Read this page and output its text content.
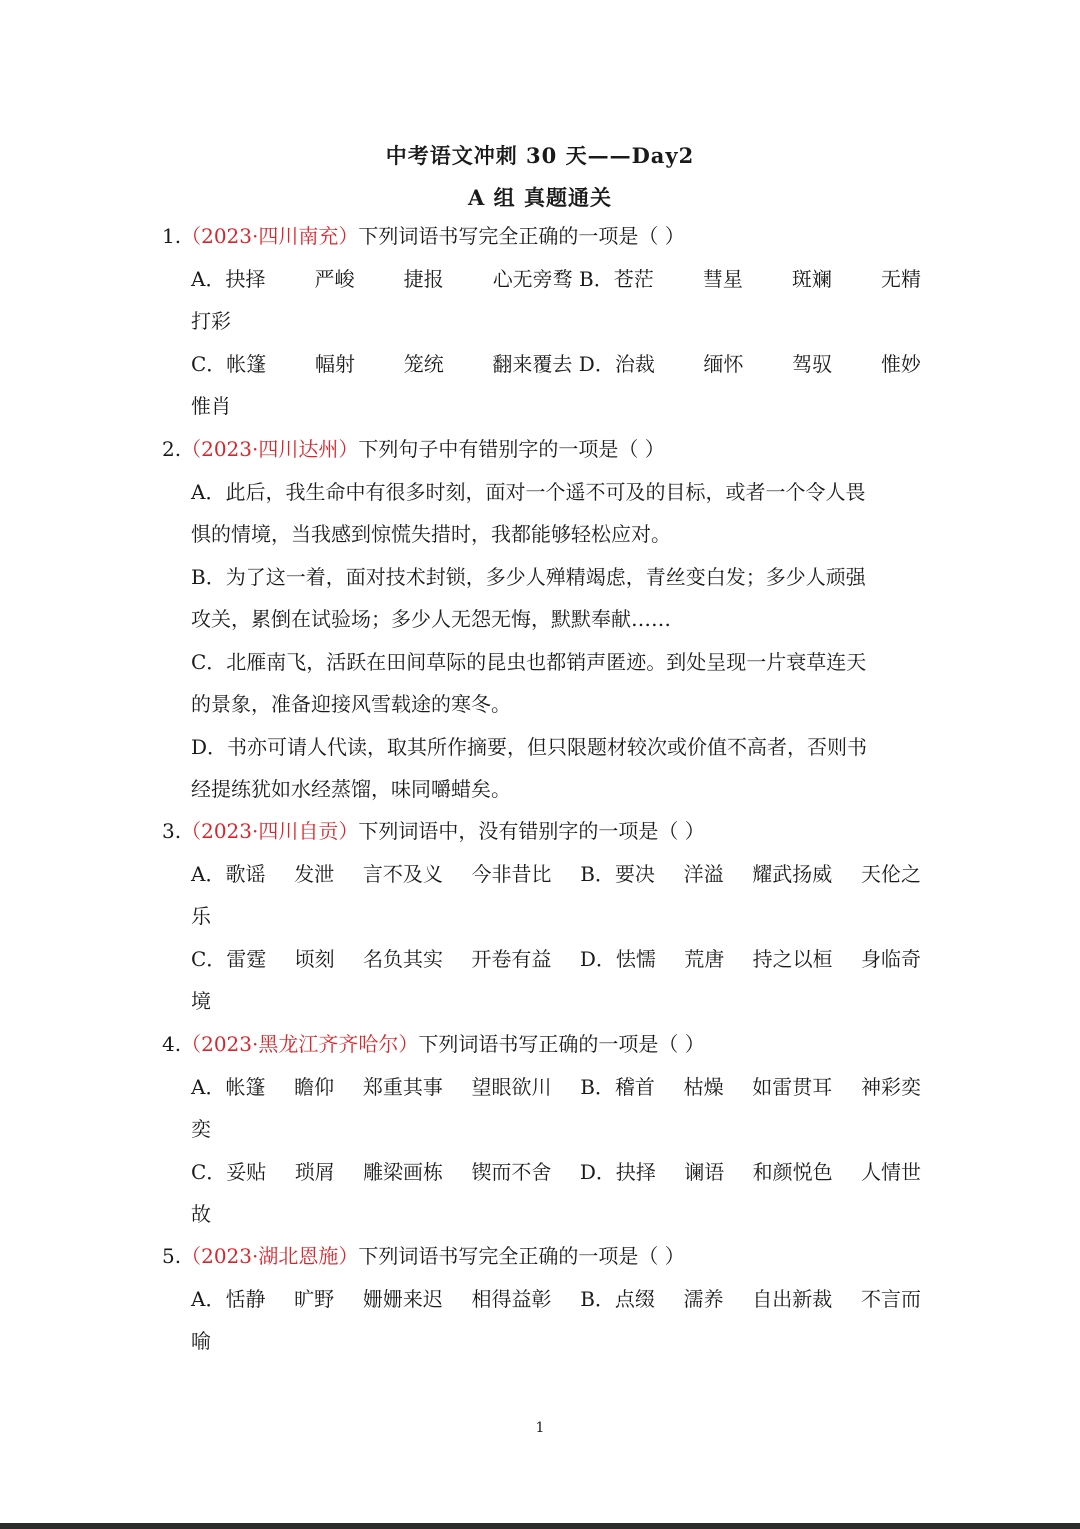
中考语文冲刺 30 天——Day2
A 组 真题通关
1.（2023·四川南充）下列词语书写完全正确的一项是（ ）
A．抉择 严峻 捷报 心无旁骛 B．苍茫 彗星 斑斓 无精
打彩
C．帐篷 幅射 笼统 翻来覆去 D．治裁 缅怀 驾驭 惟妙
惟肖
2.（2023·四川达州）下列句子中有错别字的一项是（ ）
A．此后，我生命中有很多时刻，面对一个遥不可及的目标，或者一个令人畏
惧的情境，当我感到惊慌失措时，我都能够轻松应对。
B．为了这一着，面对技术封锁，多少人殚精竭虑，青丝变白发；多少人顽强
攻关，累倒在试验场；多少人无怨无悔，默默奉献……
C．北雁南飞，活跃在田间草际的昆虫也都销声匿迹。到处呈现一片衰草连天
的景象，准备迎接风雪载途的寒冬。
D．书亦可请人代读，取其所作摘要，但只限题材较次或价值不高者，否则书
经提练犹如水经蒸馏，味同嚼蜡矣。
3.（2023·四川自贡）下列词语中，没有错别字的一项是（ ）
A．歌谣 发泄 言不及义 今非昔比 B．要决 洋溢 耀武扬威 天伦之
乐
C．雷霆 顷刻 名负其实 开卷有益 D．怯懦 荒唐 持之以桓 身临奇
境
4.（2023·黑龙江齐齐哈尔）下列词语书写正确的一项是（ ）
A．帐篷 瞻仰 郑重其事 望眼欲川 B．稽首 枯燥 如雷贯耳 神彩奕
奕
C．妥贴 琐屑 雕梁画栋 锲而不舍 D．抉择 谰语 和颜悦色 人情世
故
5.（2023·湖北恩施）下列词语书写完全正确的一项是（ ）
A．恬静 旷野 姗姗来迟 相得益彰 B．点缀 濡养 自出新裁 不言而
喻
1
